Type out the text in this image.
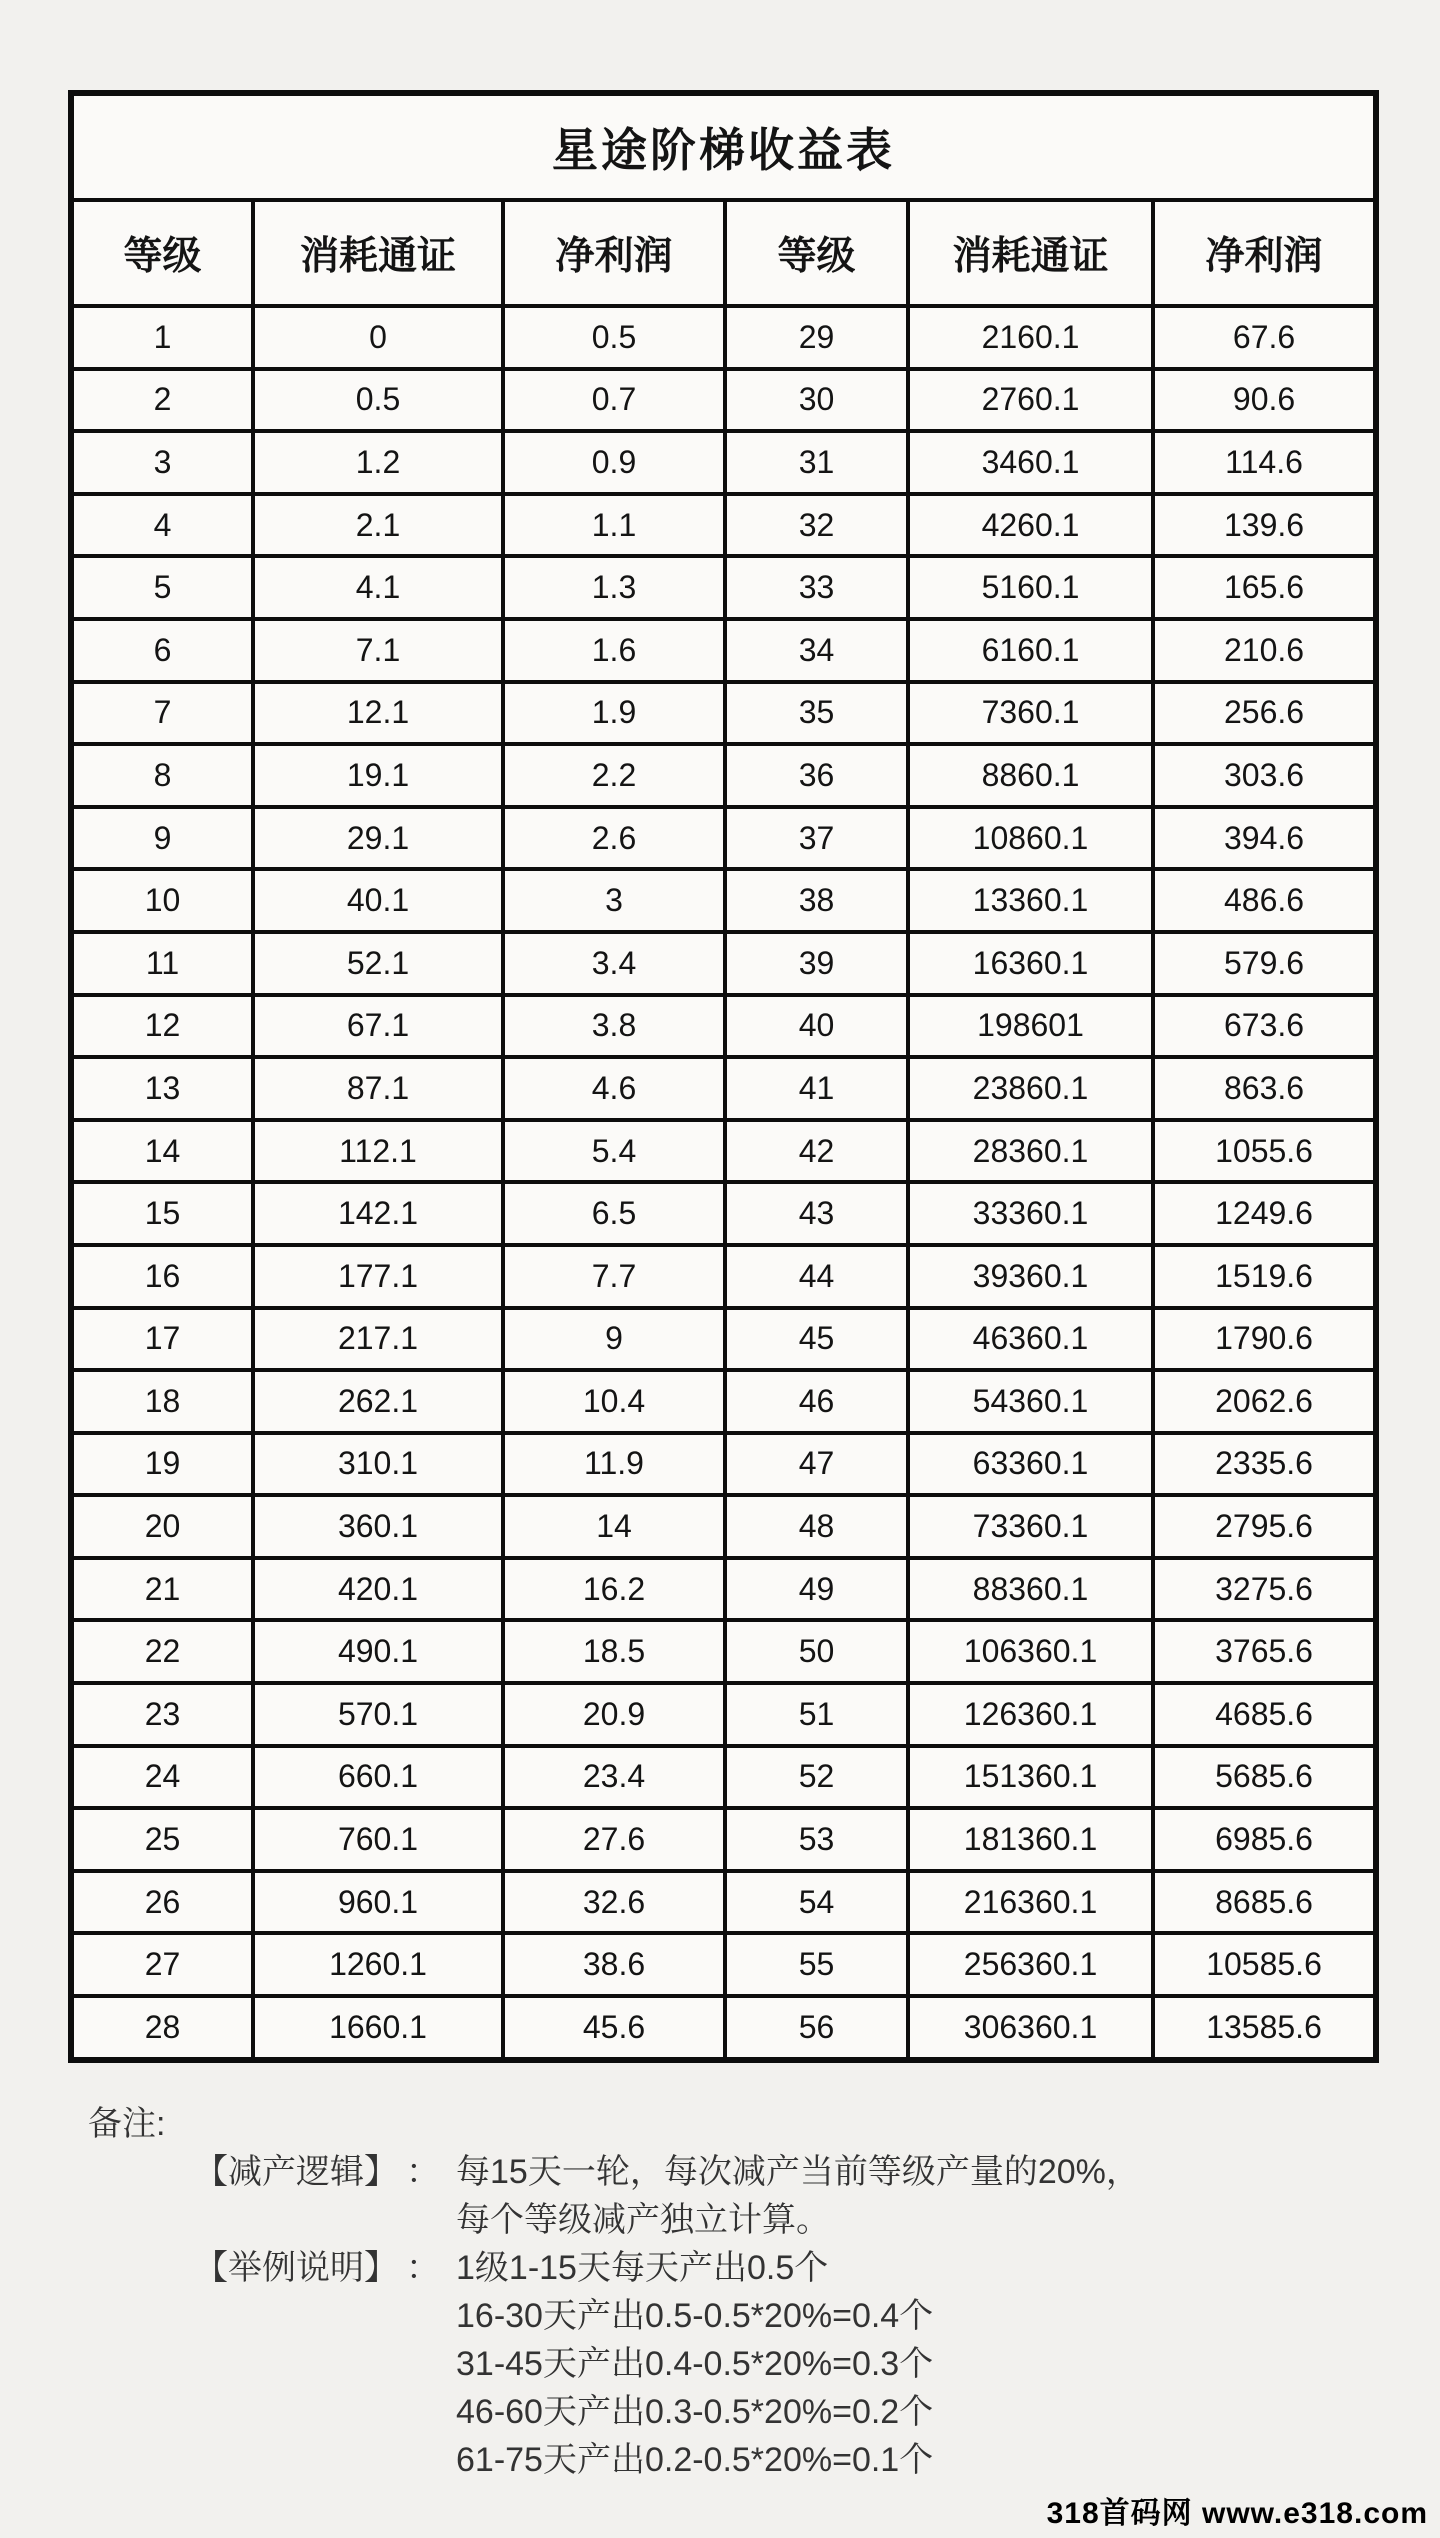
星途阶梯收益表					
等级	消耗通证	净利润	等级	消耗通证	净利润
1	0	0.5	29	2160.1	67.6
2	0.5	0.7	30	2760.1	90.6
3	1.2	0.9	31	3460.1	114.6
4	2.1	1.1	32	4260.1	139.6
5	4.1	1.3	33	5160.1	165.6
6	7.1	1.6	34	6160.1	210.6
7	12.1	1.9	35	7360.1	256.6
8	19.1	2.2	36	8860.1	303.6
9	29.1	2.6	37	10860.1	394.6
10	40.1	3	38	13360.1	486.6
11	52.1	3.4	39	16360.1	579.6
12	67.1	3.8	40	198601	673.6
13	87.1	4.6	41	23860.1	863.6
14	112.1	5.4	42	28360.1	1055.6
15	142.1	6.5	43	33360.1	1249.6
16	177.1	7.7	44	39360.1	1519.6
17	217.1	9	45	46360.1	1790.6
18	262.1	10.4	46	54360.1	2062.6
19	310.1	11.9	47	63360.1	2335.6
20	360.1	14	48	73360.1	2795.6
21	420.1	16.2	49	88360.1	3275.6
22	490.1	18.5	50	106360.1	3765.6
23	570.1	20.9	51	126360.1	4685.6
24	660.1	23.4	52	151360.1	5685.6
25	760.1	27.6	53	181360.1	6985.6
26	960.1	32.6	54	216360.1	8685.6
27	1260.1	38.6	55	256360.1	10585.6
28	1660.1	45.6	56	306360.1	13585.6
备注:
【减产逻辑】 ： 每15天一轮，每次减产当前等级产量的20%，
每个等级减产独立计算。
【举例说明】 ： 1级1-15天每天产出0.5个
16-30天产出0.5-0.5*20%=0.4个
31-45天产出0.4-0.5*20%=0.3个
46-60天产出0.3-0.5*20%=0.2个
61-75天产出0.2-0.5*20%=0.1个
318首码网 www.e318.com
